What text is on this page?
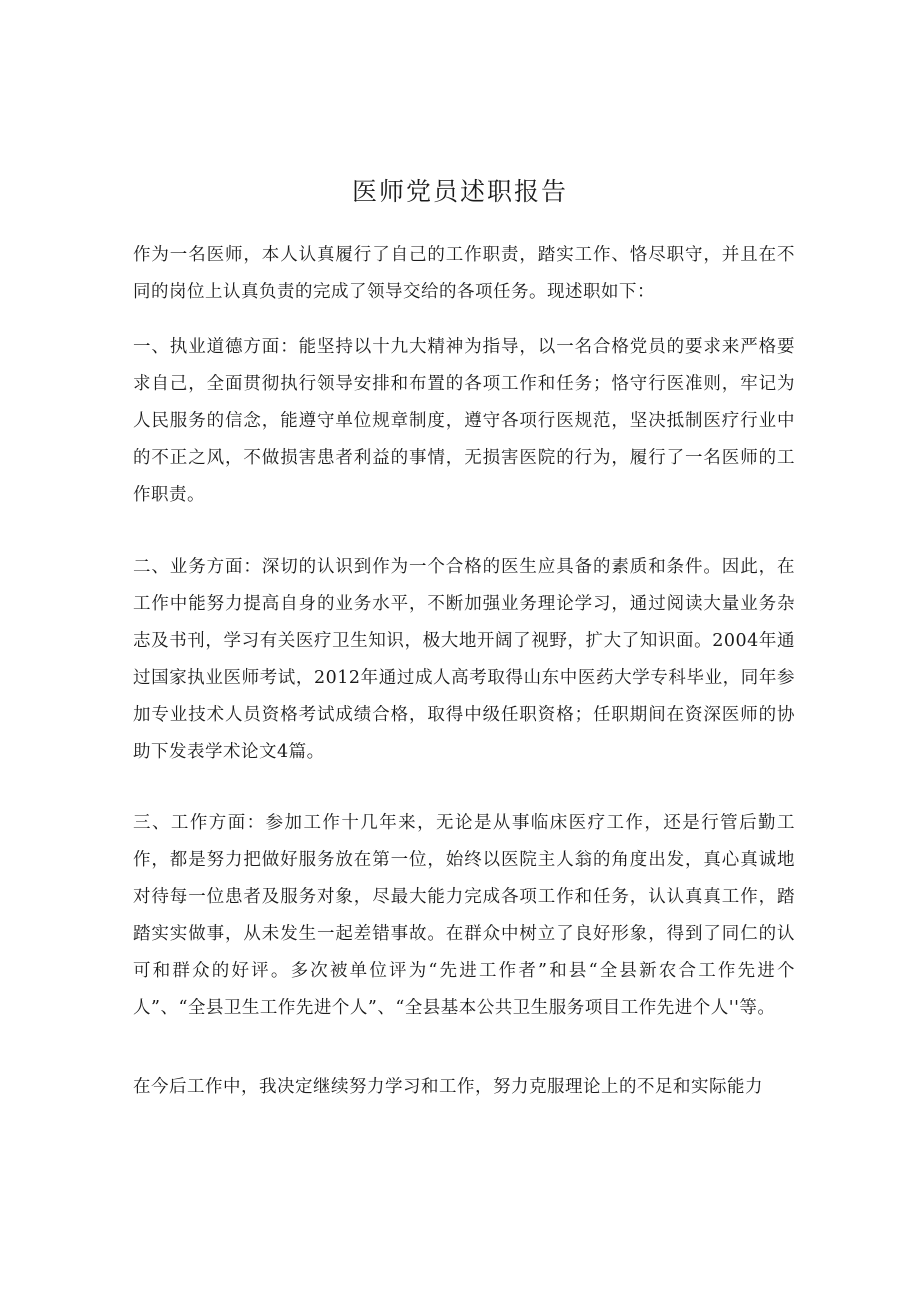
医师党员述职报告

作为一名医师，本人认真履行了自己的工作职责，踏实工作、恪尽职守，并且在不同的岗位上认真负责的完成了领导交给的各项任务。现述职如下：

一、执业道德方面：能坚持以十九大精神为指导，以一名合格党员的要求来严格要求自己，全面贯彻执行领导安排和布置的各项工作和任务；恪守行医准则，牢记为人民服务的信念，能遵守单位规章制度，遵守各项行医规范，坚决抵制医疗行业中的不正之风，不做损害患者利益的事情，无损害医院的行为，履行了一名医师的工作职责。

二、业务方面：深切的认识到作为一个合格的医生应具备的素质和条件。因此，在工作中能努力提高自身的业务水平，不断加强业务理论学习，通过阅读大量业务杂志及书刊，学习有关医疗卫生知识，极大地开阔了视野，扩大了知识面。2004年通过国家执业医师考试，2012年通过成人高考取得山东中医药大学专科毕业，同年参加专业技术人员资格考试成绩合格，取得中级任职资格；任职期间在资深医师的协助下发表学术论文4篇。

三、工作方面：参加工作十几年来，无论是从事临床医疗工作，还是行管后勤工作，都是努力把做好服务放在第一位，始终以医院主人翁的角度出发，真心真诚地对待每一位患者及服务对象，尽最大能力完成各项工作和任务，认认真真工作，踏踏实实做事，从未发生一起差错事故。在群众中树立了良好形象，得到了同仁的认可和群众的好评。多次被单位评为“先进工作者”和县“全县新农合工作先进个人”、“全县卫生工作先进个人”、“全县基本公共卫生服务项目工作先进个人''等。

在今后工作中，我决定继续努力学习和工作，努力克服理论上的不足和实际能力
